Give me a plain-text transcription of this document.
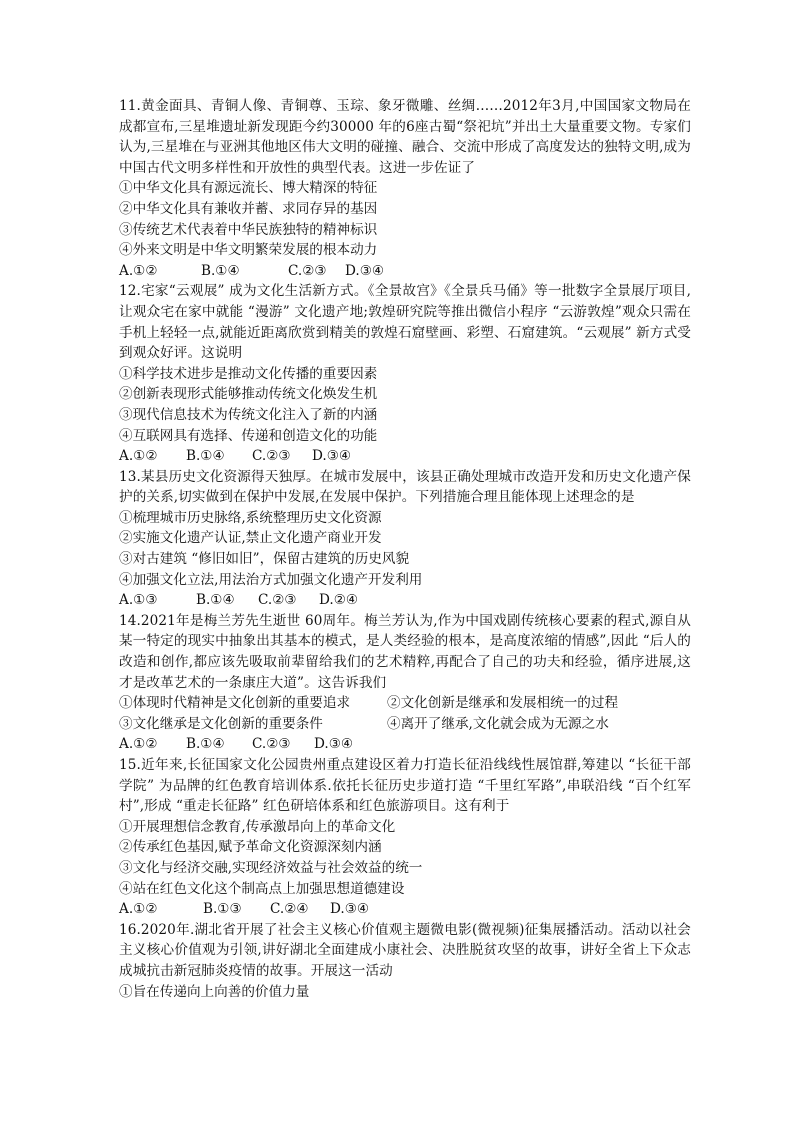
11.黄金面具、青铜人像、青铜尊、玉琮、象牙微雕、丝绸……2012年3月,中国国家文物局在成都宣布,三星堆遗址新发现距今约30000 年的6座古蜀“祭祀坑”并出土大量重要文物。专家们认为,三星堆在与亚洲其他地区伟大文明的碰撞、融合、交流中形成了高度发达的独特文明,成为中国古代文明多样性和开放性的典型代表。这进一步佐证了

①中华文化具有源远流长、博大精深的特征

②中华文化具有兼收并蓄、求同存异的基因

③传统艺术代表着中华民族独特的精神标识

④外来文明是中华文明繁荣发展的根本动力

A.①②	B.①④	C.②③	D.③④

12.宅家“云观展” 成为文化生活新方式。《全景故宫》《全景兵马俑》等一批数字全景展厅项目,让观众宅在家中就能 “漫游” 文化遗产地;敦煌研究院等推出微信小程序 “云游敦煌”观众只需在手机上轻轻一点,就能近距离欣赏到精美的敦煌石窟壁画、彩塑、石窟建筑。“云观展” 新方式受到观众好评。这说明

①科学技术进步是推动文化传播的重要因素

②创新表现形式能够推动传统文化焕发生机

③现代信息技术为传统文化注入了新的内涵

④互联网具有选择、传递和创造文化的功能

A.①②	B.①④	C.②③	D.③④

13.某县历史文化资源得天独厚。在城市发展中，该县正确处理城市改造开发和历史文化遗产保护的关系,切实做到在保护中发展,在发展中保护。下列措施合理且能体现上述理念的是

①梳理城市历史脉络,系统整理历史文化资源

②实施文化遗产认证,禁止文化遗产商业开发

③对古建筑 “修旧如旧”，保留古建筑的历史风貌

④加强文化立法,用法治方式加强文化遗产开发利用

A.①③	B.①④	C.②③	D.②④

14.2021年是梅兰芳先生逝世 60周年。梅兰芳认为,作为中国戏剧传统核心要素的程式,源自从某一特定的现实中抽象出其基本的模式，是人类经验的根本，是高度浓缩的情感”,因此 “后人的改造和创作,都应该先吸取前辈留给我们的艺术精粹,再配合了自己的功夫和经验，循序进展,这才是改革艺术的一条康庄大道”。这告诉我们

①体现时代精神是文化创新的重要追求	②文化创新是继承和发展相统一的过程
③文化继承是文化创新的重要条件	④离开了继承,文化就会成为无源之水
A.①②	B.①④	C.②③	D.③④

15.近年来,长征国家文化公园贵州重点建设区着力打造长征沿线线性展馆群,筹建以 “长征干部学院” 为品牌的红色教育培训体系.依托长征历史步道打造 “千里红军路”,串联沿线 “百个红军村”,形成 “重走长征路” 红色研培体系和红色旅游项目。这有利于

①开展理想信念教育,传承激昂向上的革命文化

②传承红色基因,赋予革命文化资源深刻内涵

③文化与经济交融,实现经济效益与社会效益的统一

④站在红色文化这个制高点上加强思想道德建设

A.①②	B.①③	C.②④	D.③④

16.2020年.湖北省开展了社会主义核心价值观主题微电影(微视频)征集展播活动。活动以社会主义核心价值观为引领,讲好湖北全面建成小康社会、决胜脱贫攻坚的故事，讲好全省上下众志成城抗击新冠肺炎疫情的故事。开展这一活动

①旨在传递向上向善的价值力量
